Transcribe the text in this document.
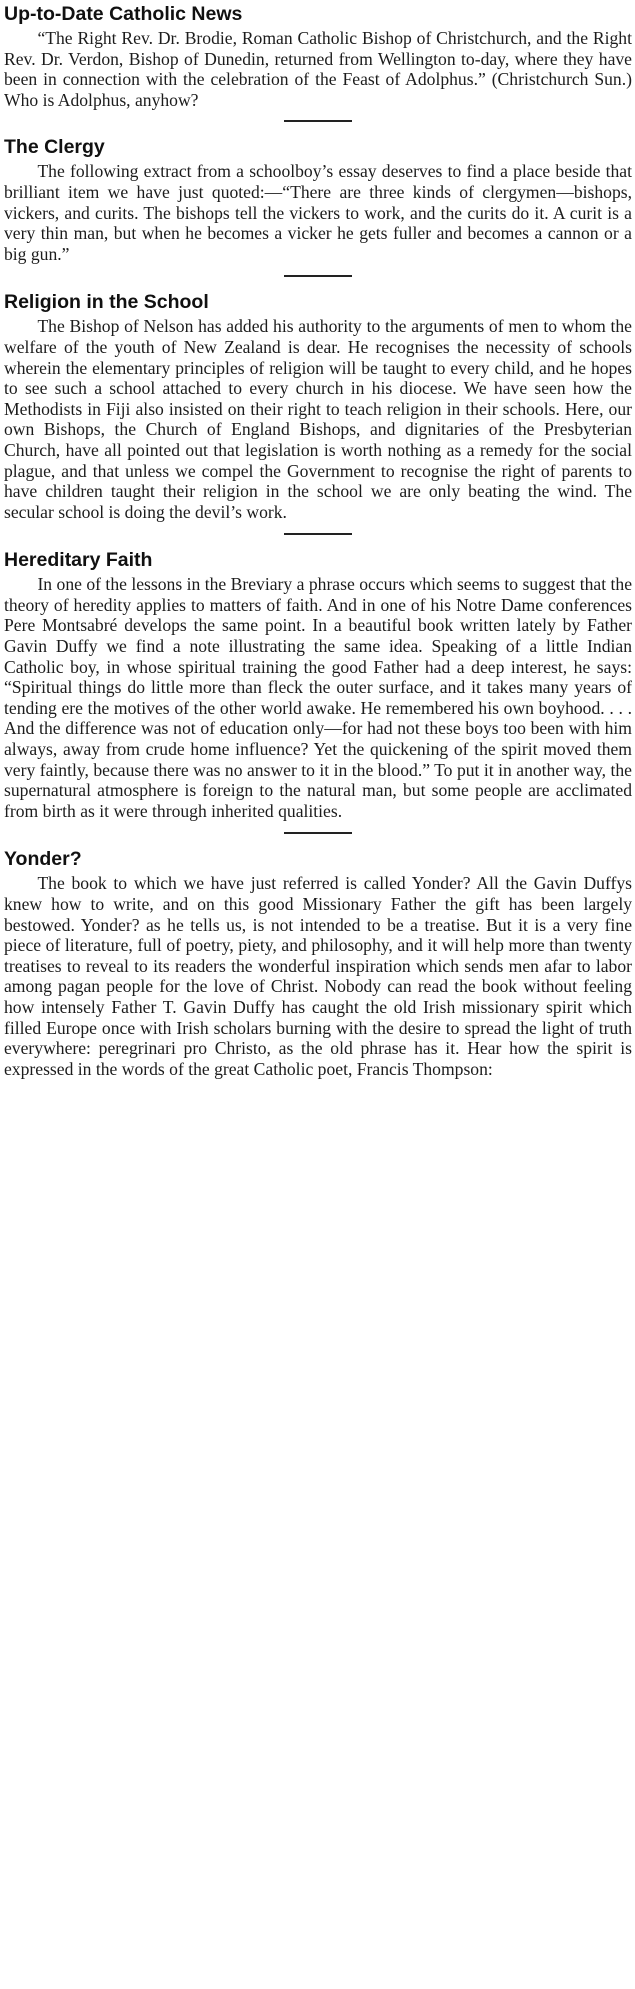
Up-to-Date Catholic News

“The Right Rev. Dr. Brodie, Roman Catholic Bishop of Christchurch, and the Right Rev. Dr. Verdon, Bishop of Dunedin, returned from Wellington to-day, where they have been in connection with the celebration of the Feast of Adolphus.” (Christchurch Sun.) Who is Adolphus, anyhow?

The Clergy

The following extract from a schoolboy’s essay deserves to find a place beside that brilliant item we have just quoted:—“There are three kinds of clergymen—bishops, vickers, and curits. The bishops tell the vickers to work, and the curits do it. A curit is a very thin man, but when he becomes a vicker he gets fuller and becomes a cannon or a big gun.”

Religion in the School

The Bishop of Nelson has added his authority to the arguments of men to whom the welfare of the youth of New Zealand is dear. He recognises the necessity of schools wherein the elementary principles of religion will be taught to every child, and he hopes to see such a school attached to every church in his diocese. We have seen how the Methodists in Fiji also insisted on their right to teach religion in their schools. Here, our own Bishops, the Church of England Bishops, and dignitaries of the Presbyterian Church, have all pointed out that legislation is worth nothing as a remedy for the social plague, and that unless we compel the Government to recognise the right of parents to have children taught their religion in the school we are only beating the wind. The secular school is doing the devil’s work.

Hereditary Faith

In one of the lessons in the Breviary a phrase occurs which seems to suggest that the theory of heredity applies to matters of faith. And in one of his Notre Dame conferences Pere Montsabré develops the same point. In a beautiful book written lately by Father Gavin Duffy we find a note illustrating the same idea. Speaking of a little Indian Catholic boy, in whose spiritual training the good Father had a deep interest, he says: “Spiritual things do little more than fleck the outer surface, and it takes many years of tending ere the motives of the other world awake. He remembered his own boyhood. . . . And the difference was not of education only—for had not these boys too been with him always, away from crude home influence? Yet the quickening of the spirit moved them very faintly, because there was no answer to it in the blood.” To put it in another way, the supernatural atmosphere is foreign to the natural man, but some people are acclimated from birth as it were through inherited qualities.

Yonder?

The book to which we have just referred is called Yonder? All the Gavin Duffys knew how to write, and on this good Missionary Father the gift has been largely bestowed. Yonder? as he tells us, is not intended to be a treatise. But it is a very fine piece of literature, full of poetry, piety, and philosophy, and it will help more than twenty treatises to reveal to its readers the wonderful inspiration which sends men afar to labor among pagan people for the love of Christ. Nobody can read the book without feeling how intensely Father T. Gavin Duffy has caught the old Irish missionary spirit which filled Europe once with Irish scholars burning with the desire to spread the light of truth everywhere: peregrinari pro Christo, as the old phrase has it. Hear how the spirit is expressed in the words of the great Catholic poet, Francis Thompson:
